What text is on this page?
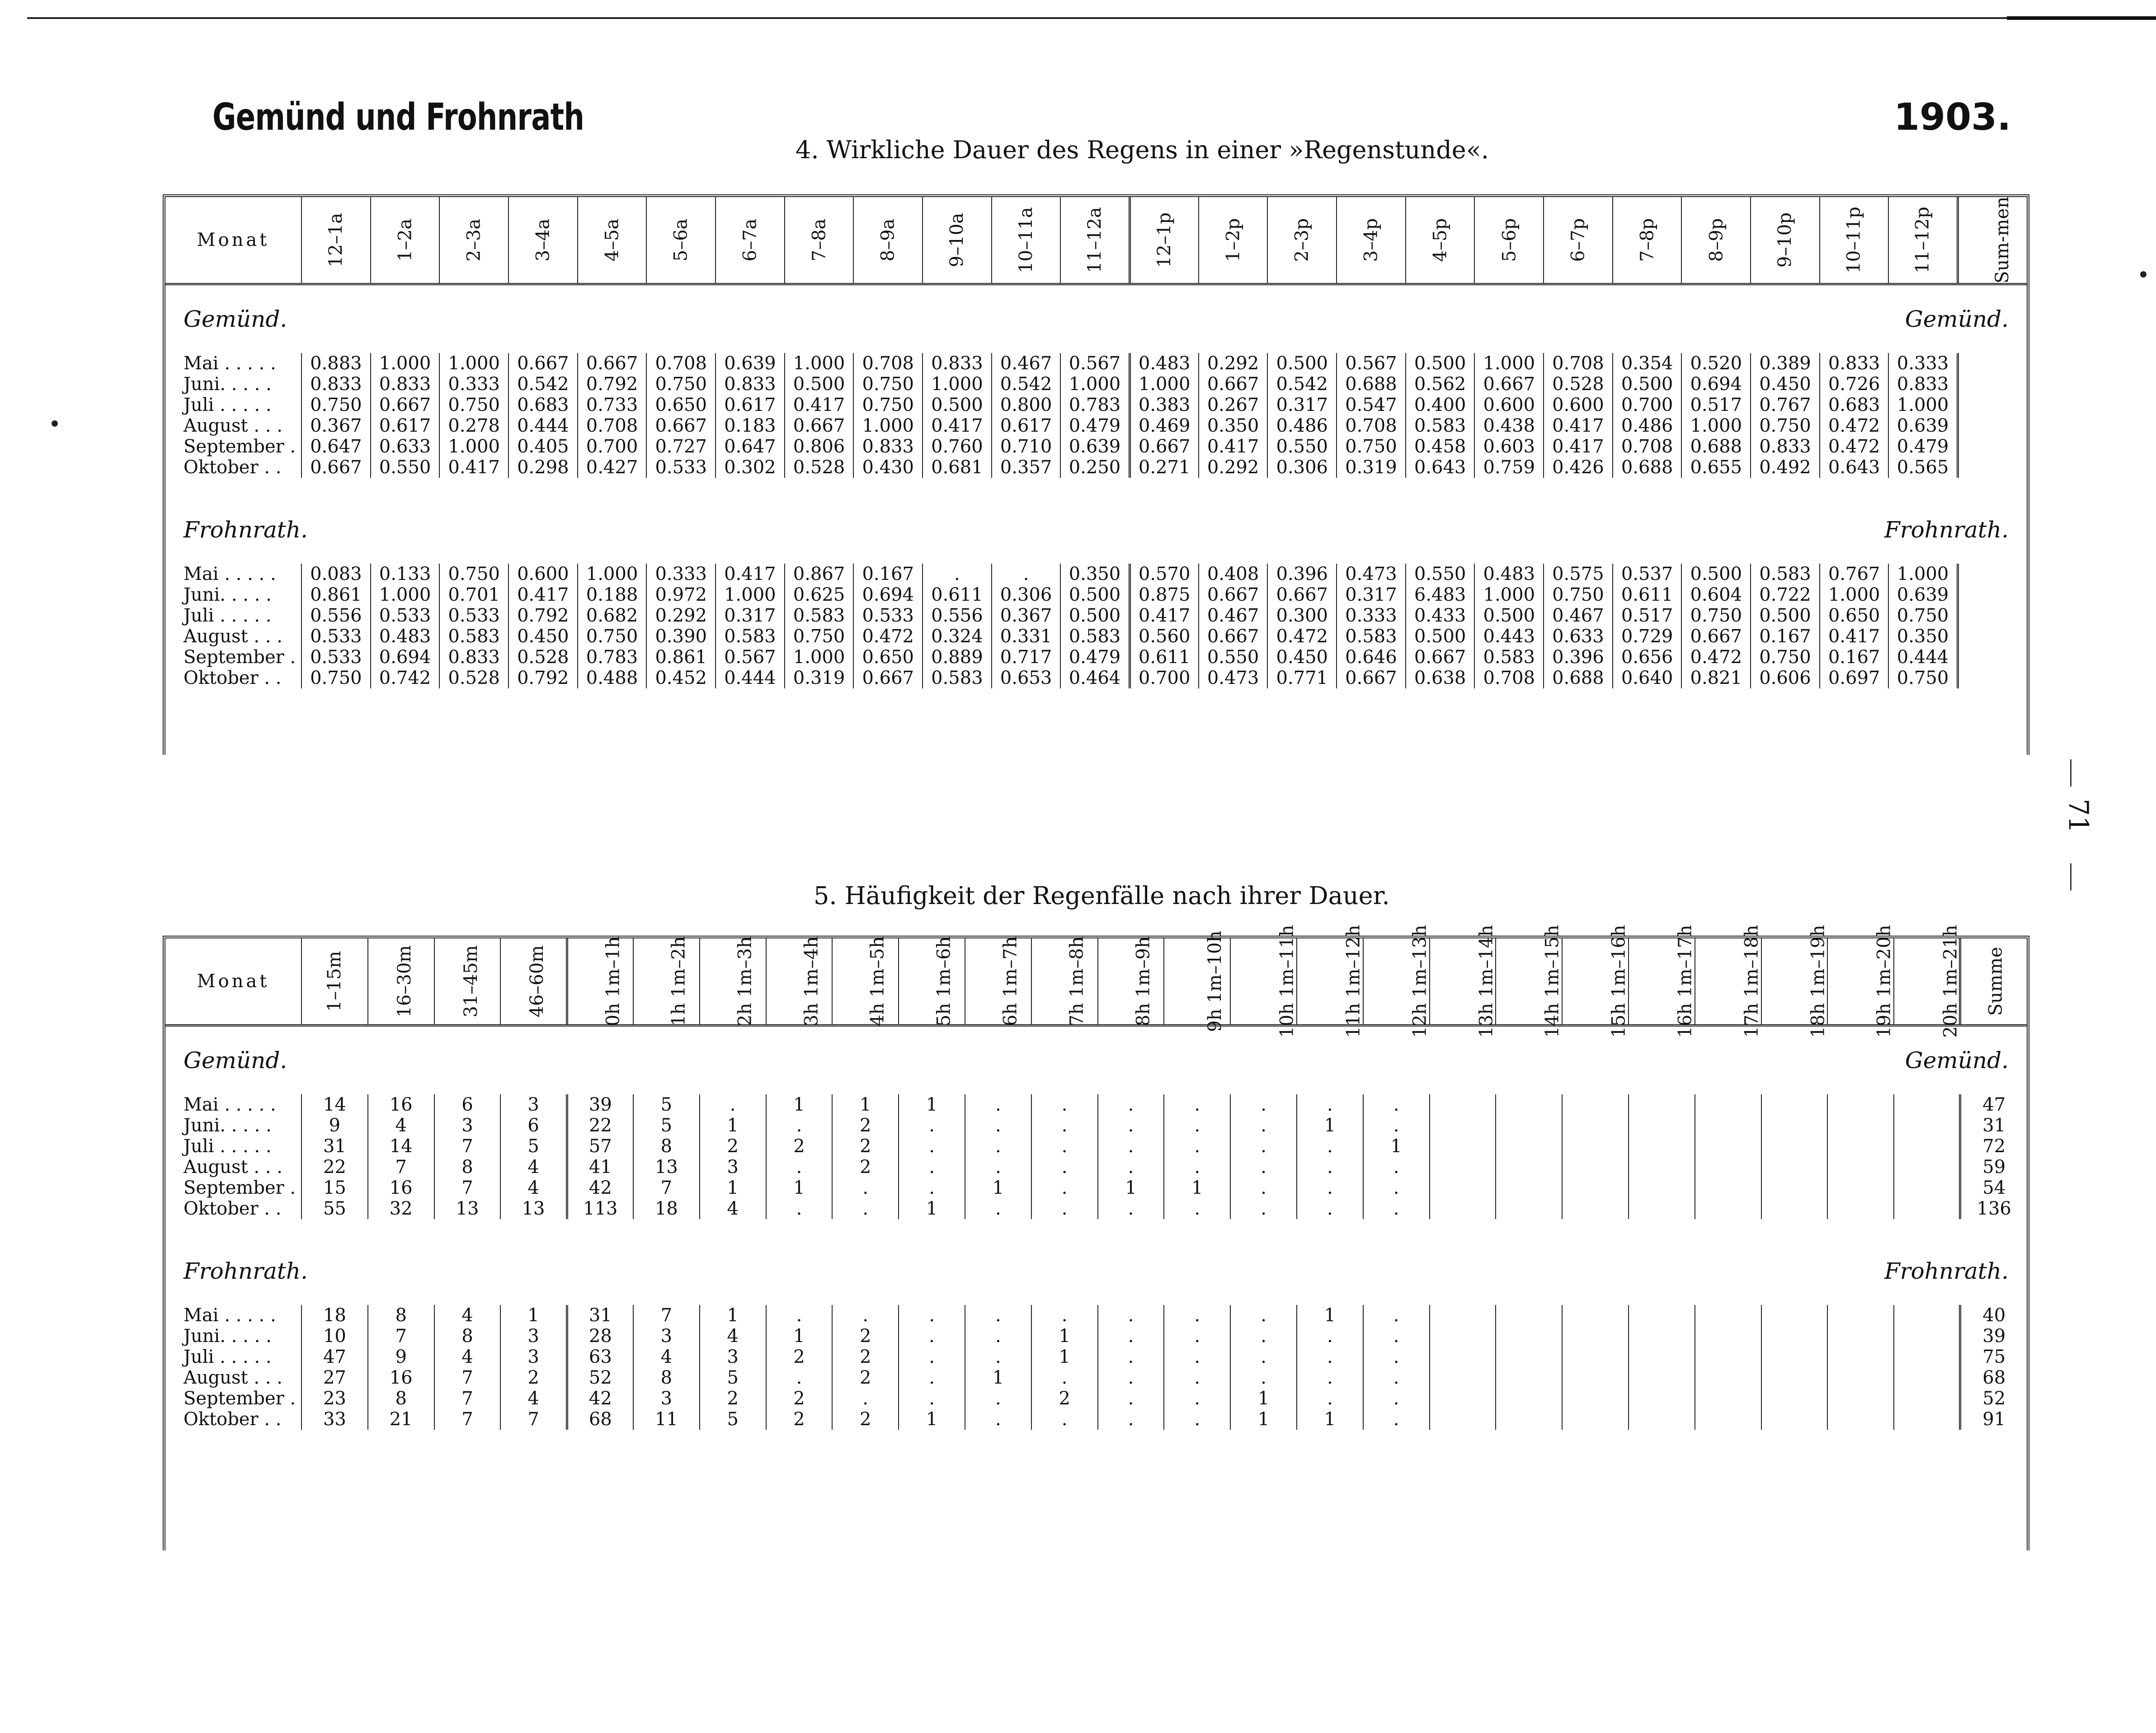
Gemünd und Frohnrath	1903.
4. Wirkliche Dauer des Regens in einer »Regenstunde«.
5. Häufigkeit der Regenfälle nach ihrer Dauer.
71
Monat	12–1a	1–2a	2–3a	3–4a	4–5a	5–6a	6–7a	7–8a	8–9a	9–10a	10–11a	11–12a	12–1p	1–2p	2–3p	3–4p	4–5p	5–6p	6–7p	7–8p	8–9p	9–10p	10–11p	11–12p	Sum-men
Gemünd.													Gemünd.												
Mai . . . . .	0.883	1.000	1.000	0.667	0.667	0.708	0.639	1.000	0.708	0.833	0.467	0.567	0.483	0.292	0.500	0.567	0.500	1.000	0.708	0.354	0.520	0.389	0.833	0.333	
Juni. . . . .	0.833	0.833	0.333	0.542	0.792	0.750	0.833	0.500	0.750	1.000	0.542	1.000	1.000	0.667	0.542	0.688	0.562	0.667	0.528	0.500	0.694	0.450	0.726	0.833	
Juli . . . . .	0.750	0.667	0.750	0.683	0.733	0.650	0.617	0.417	0.750	0.500	0.800	0.783	0.383	0.267	0.317	0.547	0.400	0.600	0.600	0.700	0.517	0.767	0.683	1.000	
August . . .	0.367	0.617	0.278	0.444	0.708	0.667	0.183	0.667	1.000	0.417	0.617	0.479	0.469	0.350	0.486	0.708	0.583	0.438	0.417	0.486	1.000	0.750	0.472	0.639	
September .	0.647	0.633	1.000	0.405	0.700	0.727	0.647	0.806	0.833	0.760	0.710	0.639	0.667	0.417	0.550	0.750	0.458	0.603	0.417	0.708	0.688	0.833	0.472	0.479	
Oktober . .	0.667	0.550	0.417	0.298	0.427	0.533	0.302	0.528	0.430	0.681	0.357	0.250	0.271	0.292	0.306	0.319	0.643	0.759	0.426	0.688	0.655	0.492	0.643	0.565	

Frohnrath.													Frohnrath.												
Mai . . . . .	0.083	0.133	0.750	0.600	1.000	0.333	0.417	0.867	0.167	.	.	0.350	0.570	0.408	0.396	0.473	0.550	0.483	0.575	0.537	0.500	0.583	0.767	1.000	
Juni. . . . .	0.861	1.000	0.701	0.417	0.188	0.972	1.000	0.625	0.694	0.611	0.306	0.500	0.875	0.667	0.667	0.317	6.483	1.000	0.750	0.611	0.604	0.722	1.000	0.639	
Juli . . . . .	0.556	0.533	0.533	0.792	0.682	0.292	0.317	0.583	0.533	0.556	0.367	0.500	0.417	0.467	0.300	0.333	0.433	0.500	0.467	0.517	0.750	0.500	0.650	0.750	
August . . .	0.533	0.483	0.583	0.450	0.750	0.390	0.583	0.750	0.472	0.324	0.331	0.583	0.560	0.667	0.472	0.583	0.500	0.443	0.633	0.729	0.667	0.167	0.417	0.350	
September .	0.533	0.694	0.833	0.528	0.783	0.861	0.567	1.000	0.650	0.889	0.717	0.479	0.611	0.550	0.450	0.646	0.667	0.583	0.396	0.656	0.472	0.750	0.167	0.444	
Oktober . .	0.750	0.742	0.528	0.792	0.488	0.452	0.444	0.319	0.667	0.583	0.653	0.464	0.700	0.473	0.771	0.667	0.638	0.708	0.688	0.640	0.821	0.606	0.697	0.750	

Monat	1–15m	16–30m	31–45m	46–60m	0h 1m–1h	1h 1m–2h	2h 1m–3h	3h 1m–4h	4h 1m–5h	5h 1m–6h	6h 1m–7h	7h 1m–8h	8h 1m–9h	9h 1m–10h	10h 1m–11h	11h 1m–12h	12h 1m–13h	13h 1m–14h	14h 1m–15h	15h 1m–16h	16h 1m–17h	17h 1m–18h	18h 1m–19h	19h 1m–20h	20h 1m–21h	Summe
Gemünd.													Gemünd.													
Mai . . . . .	14	16	6	3	39	5	.	1	1	1	.	.	.	.	.	.	.									47
Juni. . . . .	9	4	3	6	22	5	1	.	2	.	.	.	.	.	.	1	.									31
Juli . . . . .	31	14	7	5	57	8	2	2	2	.	.	.	.	.	.	.	1									72
August . . .	22	7	8	4	41	13	3	.	2	.	.	.	.	.	.	.	.									59
September .	15	16	7	4	42	7	1	1	.	.	1	.	1	1	.	.	.									54
Oktober . .	55	32	13	13	113	18	4	.	.	1	.	.	.	.	.	.	.									136

Frohnrath.													Frohnrath.													
Mai . . . . .	18	8	4	1	31	7	1	.	.	.	.	.	.	.	.	1	.									40
Juni. . . . .	10	7	8	3	28	3	4	1	2	.	.	1	.	.	.	.	.									39
Juli . . . . .	47	9	4	3	63	4	3	2	2	.	.	1	.	.	.	.	.									75
August . . .	27	16	7	2	52	8	5	.	2	.	1	.	.	.	.	.	.									68
September .	23	8	7	4	42	3	2	2	.	.	.	2	.	.	1	.	.									52
Oktober . .	33	21	7	7	68	11	5	2	2	1	.	.	.	.	1	1	.									91
